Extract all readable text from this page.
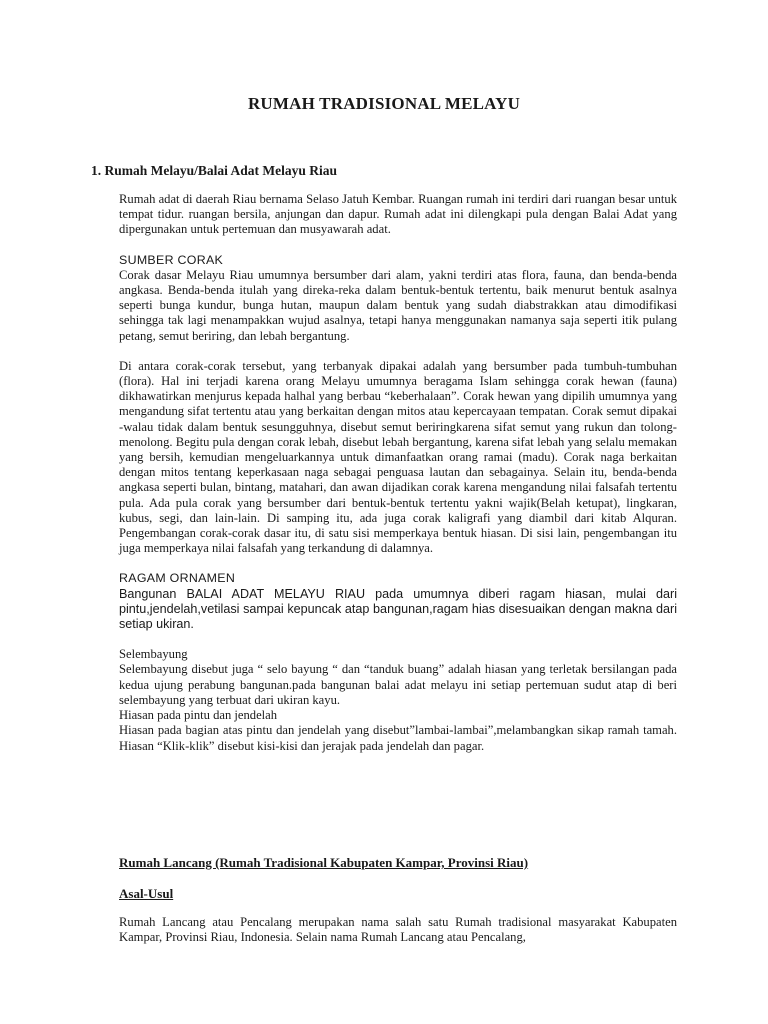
RUMAH TRADISIONAL MELAYU
1. Rumah Melayu/Balai Adat Melayu Riau

Rumah adat di daerah Riau bernama Selaso Jatuh Kembar. Ruangan rumah ini terdiri dari ruangan besar untuk tempat tidur. ruangan bersila, anjungan dan dapur. Rumah adat ini dilengkapi pula dengan Balai Adat yang dipergunakan untuk pertemuan dan musyawarah adat.

SUMBER CORAK

Corak dasar Melayu Riau umumnya bersumber dari alam, yakni terdiri atas flora, fauna, dan benda-benda angkasa. Benda-benda itulah yang direka-reka dalam bentuk-bentuk tertentu, baik menurut bentuk asalnya seperti bunga kundur, bunga hutan, maupun dalam bentuk yang sudah diabstrakkan atau dimodifikasi sehingga tak lagi menampakkan wujud asalnya, tetapi hanya menggunakan namanya saja seperti itik pulang petang, semut beriring, dan lebah bergantung.

Di antara corak-corak tersebut, yang terbanyak dipakai adalah yang bersumber pada tumbuh-tumbuhan (flora). Hal ini terjadi karena orang Melayu umumnya beragama Islam sehingga corak hewan (fauna) dikhawatirkan menjurus kepada halhal yang berbau “keberhalaan”. Corak hewan yang dipilih umumnya yang mengandung sifat tertentu atau yang berkaitan dengan mitos atau kepercayaan tempatan. Corak semut dipakai -walau tidak dalam bentuk sesungguhnya, disebut semut beriringkarena sifat semut yang rukun dan tolong-menolong. Begitu pula dengan corak lebah, disebut lebah bergantung, karena sifat lebah yang selalu memakan yang bersih, kemudian mengeluarkannya untuk dimanfaatkan orang ramai (madu). Corak naga berkaitan dengan mitos tentang keperkasaan naga sebagai penguasa lautan dan sebagainya. Selain itu, benda-benda angkasa seperti bulan, bintang, matahari, dan awan dijadikan corak karena mengandung nilai falsafah tertentu pula. Ada pula corak yang bersumber dari bentuk-bentuk tertentu yakni wajik(Belah ketupat), lingkaran, kubus, segi, dan lain-lain. Di samping itu, ada juga corak kaligrafi yang diambil dari kitab Alquran. Pengembangan corak-corak dasar itu, di satu sisi memperkaya bentuk hiasan. Di sisi lain, pengembangan itu juga memperkaya nilai falsafah yang terkandung di dalamnya.

RAGAM ORNAMEN

Bangunan BALAI ADAT MELAYU RIAU pada umumnya diberi ragam hiasan, mulai dari pintu,jendelah,vetilasi sampai kepuncak atap bangunan,ragam hias disesuaikan dengan makna dari setiap ukiran.

Selembayung

Selembayung disebut juga “ selo bayung “ dan “tanduk buang” adalah hiasan yang terletak bersilangan pada kedua ujung perabung bangunan.pada bangunan balai adat melayu ini setiap pertemuan sudut atap di beri selembayung yang terbuat dari ukiran kayu.

Hiasan pada pintu dan jendelah

Hiasan pada bagian atas pintu dan jendelah yang disebut”lambai-lambai”,melambangkan sikap ramah tamah. Hiasan “Klik-klik” disebut kisi-kisi dan jerajak pada jendelah dan pagar.

Rumah Lancang (Rumah Tradisional Kabupaten Kampar, Provinsi Riau)
Asal-Usul

Rumah Lancang atau Pencalang merupakan nama salah satu Rumah tradisional masyarakat Kabupaten Kampar, Provinsi Riau, Indonesia. Selain nama Rumah Lancang atau Pencalang,
